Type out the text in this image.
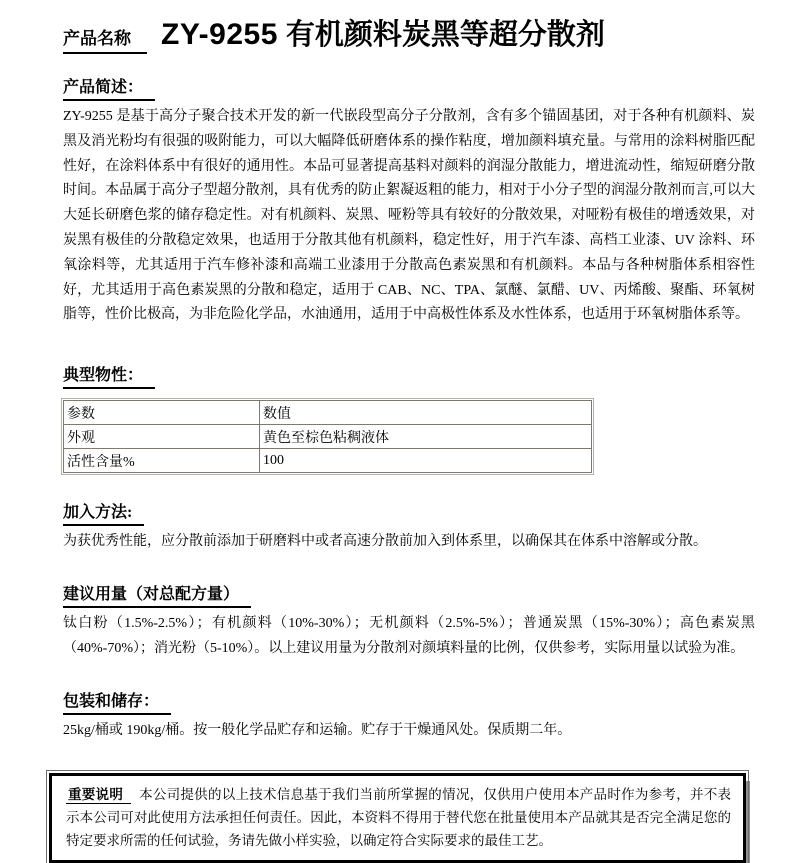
产品名称	ZY-9255 有机颜料炭黑等超分散剂
产品简述：

ZY-9255 是基于高分子聚合技术开发的新一代嵌段型高分子分散剂，含有多个锚固基团，对于各种有机颜料、炭黑及消光粉均有很强的吸附能力，可以大幅降低研磨体系的操作粘度，增加颜料填充量。与常用的涂料树脂匹配性好，在涂料体系中有很好的通用性。本品可显著提高基料对颜料的润湿分散能力，增进流动性，缩短研磨分散时间。本品属于高分子型超分散剂，具有优秀的防止絮凝返粗的能力，相对于小分子型的润湿分散剂而言,可以大大延长研磨色浆的储存稳定性。对有机颜料、炭黑、哑粉等具有较好的分散效果，对哑粉有极佳的增透效果，对炭黑有极佳的分散稳定效果，也适用于分散其他有机颜料，稳定性好，用于汽车漆、高档工业漆、UV 涂料、环氧涂料等，尤其适用于汽车修补漆和高端工业漆用于分散高色素炭黑和有机颜料。本品与各种树脂体系相容性好，尤其适用于高色素炭黑的分散和稳定，适用于 CAB、NC、TPA、氯醚、氯醋、UV、丙烯酸、聚酯、环氧树脂等，性价比极高，为非危险化学品，水油通用，适用于中高极性体系及水性体系，也适用于环氧树脂体系等。

典型物性：
参数	数值
外观	黄色至棕色粘稠液体
活性含量%	100
加入方法:

为获优秀性能，应分散前添加于研磨料中或者高速分散前加入到体系里，以确保其在体系中溶解或分散。

建议用量（对总配方量）

钛白粉（1.5%-2.5%）；有机颜料（10%-30%）；无机颜料（2.5%-5%）；普通炭黑（15%-30%）；高色素炭黑（40%-70%）；消光粉（5-10%）。以上建议用量为分散剂对颜填料量的比例，仅供参考，实际用量以试验为准。

包装和储存：

25kg/桶或 190kg/桶。按一般化学品贮存和运输。贮存于干燥通风处。保质期二年。

重要说明 本公司提供的以上技术信息基于我们当前所掌握的情况，仅供用户使用本产品时作为参考，并不表示本公司可对此使用方法承担任何责任。因此，本资料不得用于替代您在批量使用本产品就其是否完全满足您的特定要求所需的任何试验，务请先做小样实验，以确定符合实际要求的最佳工艺。
